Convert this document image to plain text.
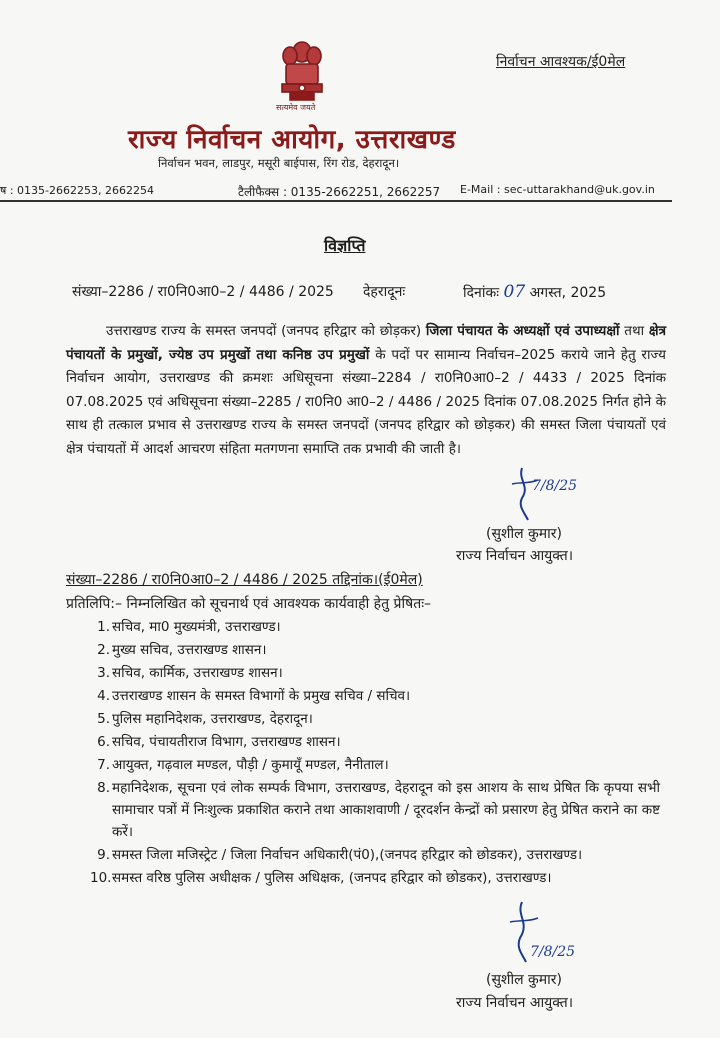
सत्यमेव जयते
निर्वाचन आवश्यक/ई0मेल
राज्य निर्वाचन आयोग, उत्तराखण्ड
निर्वाचन भवन, लाडपुर, मसूरी बाईपास, रिंग रोड, देहरादून।
ष : 0135-2662253, 2662254	टैलीफैक्स : 0135-2662251, 2662257 E-Mail : sec-uttarakhand@uk.gov.in
विज्ञप्ति
संख्या–2286 / रा0नि0आ0–2 / 4486 / 2025 देहरादूनः	दिनांकः 07 अगस्त, 2025
उत्तराखण्ड राज्य के समस्त जनपदों (जनपद हरिद्वार को छोड़कर) जिला पंचायत के अध्यक्षों एवं उपाध्यक्षों तथा क्षेत्र पंचायतों के प्रमुखों, ज्येष्ठ उप प्रमुखों तथा कनिष्ठ उप प्रमुखों के पदों पर सामान्य निर्वाचन–2025 कराये जाने हेतु राज्य निर्वाचन आयोग, उत्तराखण्ड की क्रमशः अधिसूचना संख्या–2284 / रा0नि0आ0–2 / 4433 / 2025 दिनांक 07.08.2025 एवं अधिसूचना संख्या–2285 / रा0नि0 आ0–2 / 4486 / 2025 दिनांक 07.08.2025 निर्गत होने के साथ ही तत्काल प्रभाव से उत्तराखण्ड राज्य के समस्त जनपदों (जनपद हरिद्वार को छोड़कर) की समस्त जिला पंचायतों एवं क्षेत्र पंचायतों में आदर्श आचरण संहिता मतगणना समाप्ति तक प्रभावी की जाती है।
7/8/25
(सुशील कुमार)
राज्य निर्वाचन आयुक्त।
संख्या–2286 / रा0नि0आ0–2 / 4486 / 2025 तद्दिनांक।(ई0मेल)
प्रतिलिपि:– निम्नलिखित को सूचनार्थ एवं आवश्यक कार्यवाही हेतु प्रेषितः–
1. सचिव, मा0 मुख्यमंत्री, उत्तराखण्ड।
2. मुख्य सचिव, उत्तराखण्ड शासन।
3. सचिव, कार्मिक, उत्तराखण्ड शासन।
4. उत्तराखण्ड शासन के समस्त विभागों के प्रमुख सचिव / सचिव।
5. पुलिस महानिदेशक, उत्तराखण्ड, देहरादून।
6. सचिव, पंचायतीराज विभाग, उत्तराखण्ड शासन।
7. आयुक्त, गढ़वाल मण्डल, पौड़ी / कुमायूँ मण्डल, नैनीताल।
8. महानिदेशक, सूचना एवं लोक सम्पर्क विभाग, उत्तराखण्ड, देहरादून को इस आशय के साथ प्रेषित कि कृपया सभी सामाचार पत्रों में निःशुल्क प्रकाशित कराने तथा आकाशवाणी / दूरदर्शन केन्द्रों को प्रसारण हेतु प्रेषित कराने का कष्ट करें।
9. समस्त जिला मजिस्ट्रेट / जिला निर्वाचन अधिकारी(पं0),(जनपद हरिद्वार को छोडकर), उत्तराखण्ड।
10. समस्त वरिष्ठ पुलिस अधीक्षक / पुलिस अधिक्षक, (जनपद हरिद्वार को छोडकर), उत्तराखण्ड।
7/8/25
(सुशील कुमार)
राज्य निर्वाचन आयुक्त।
